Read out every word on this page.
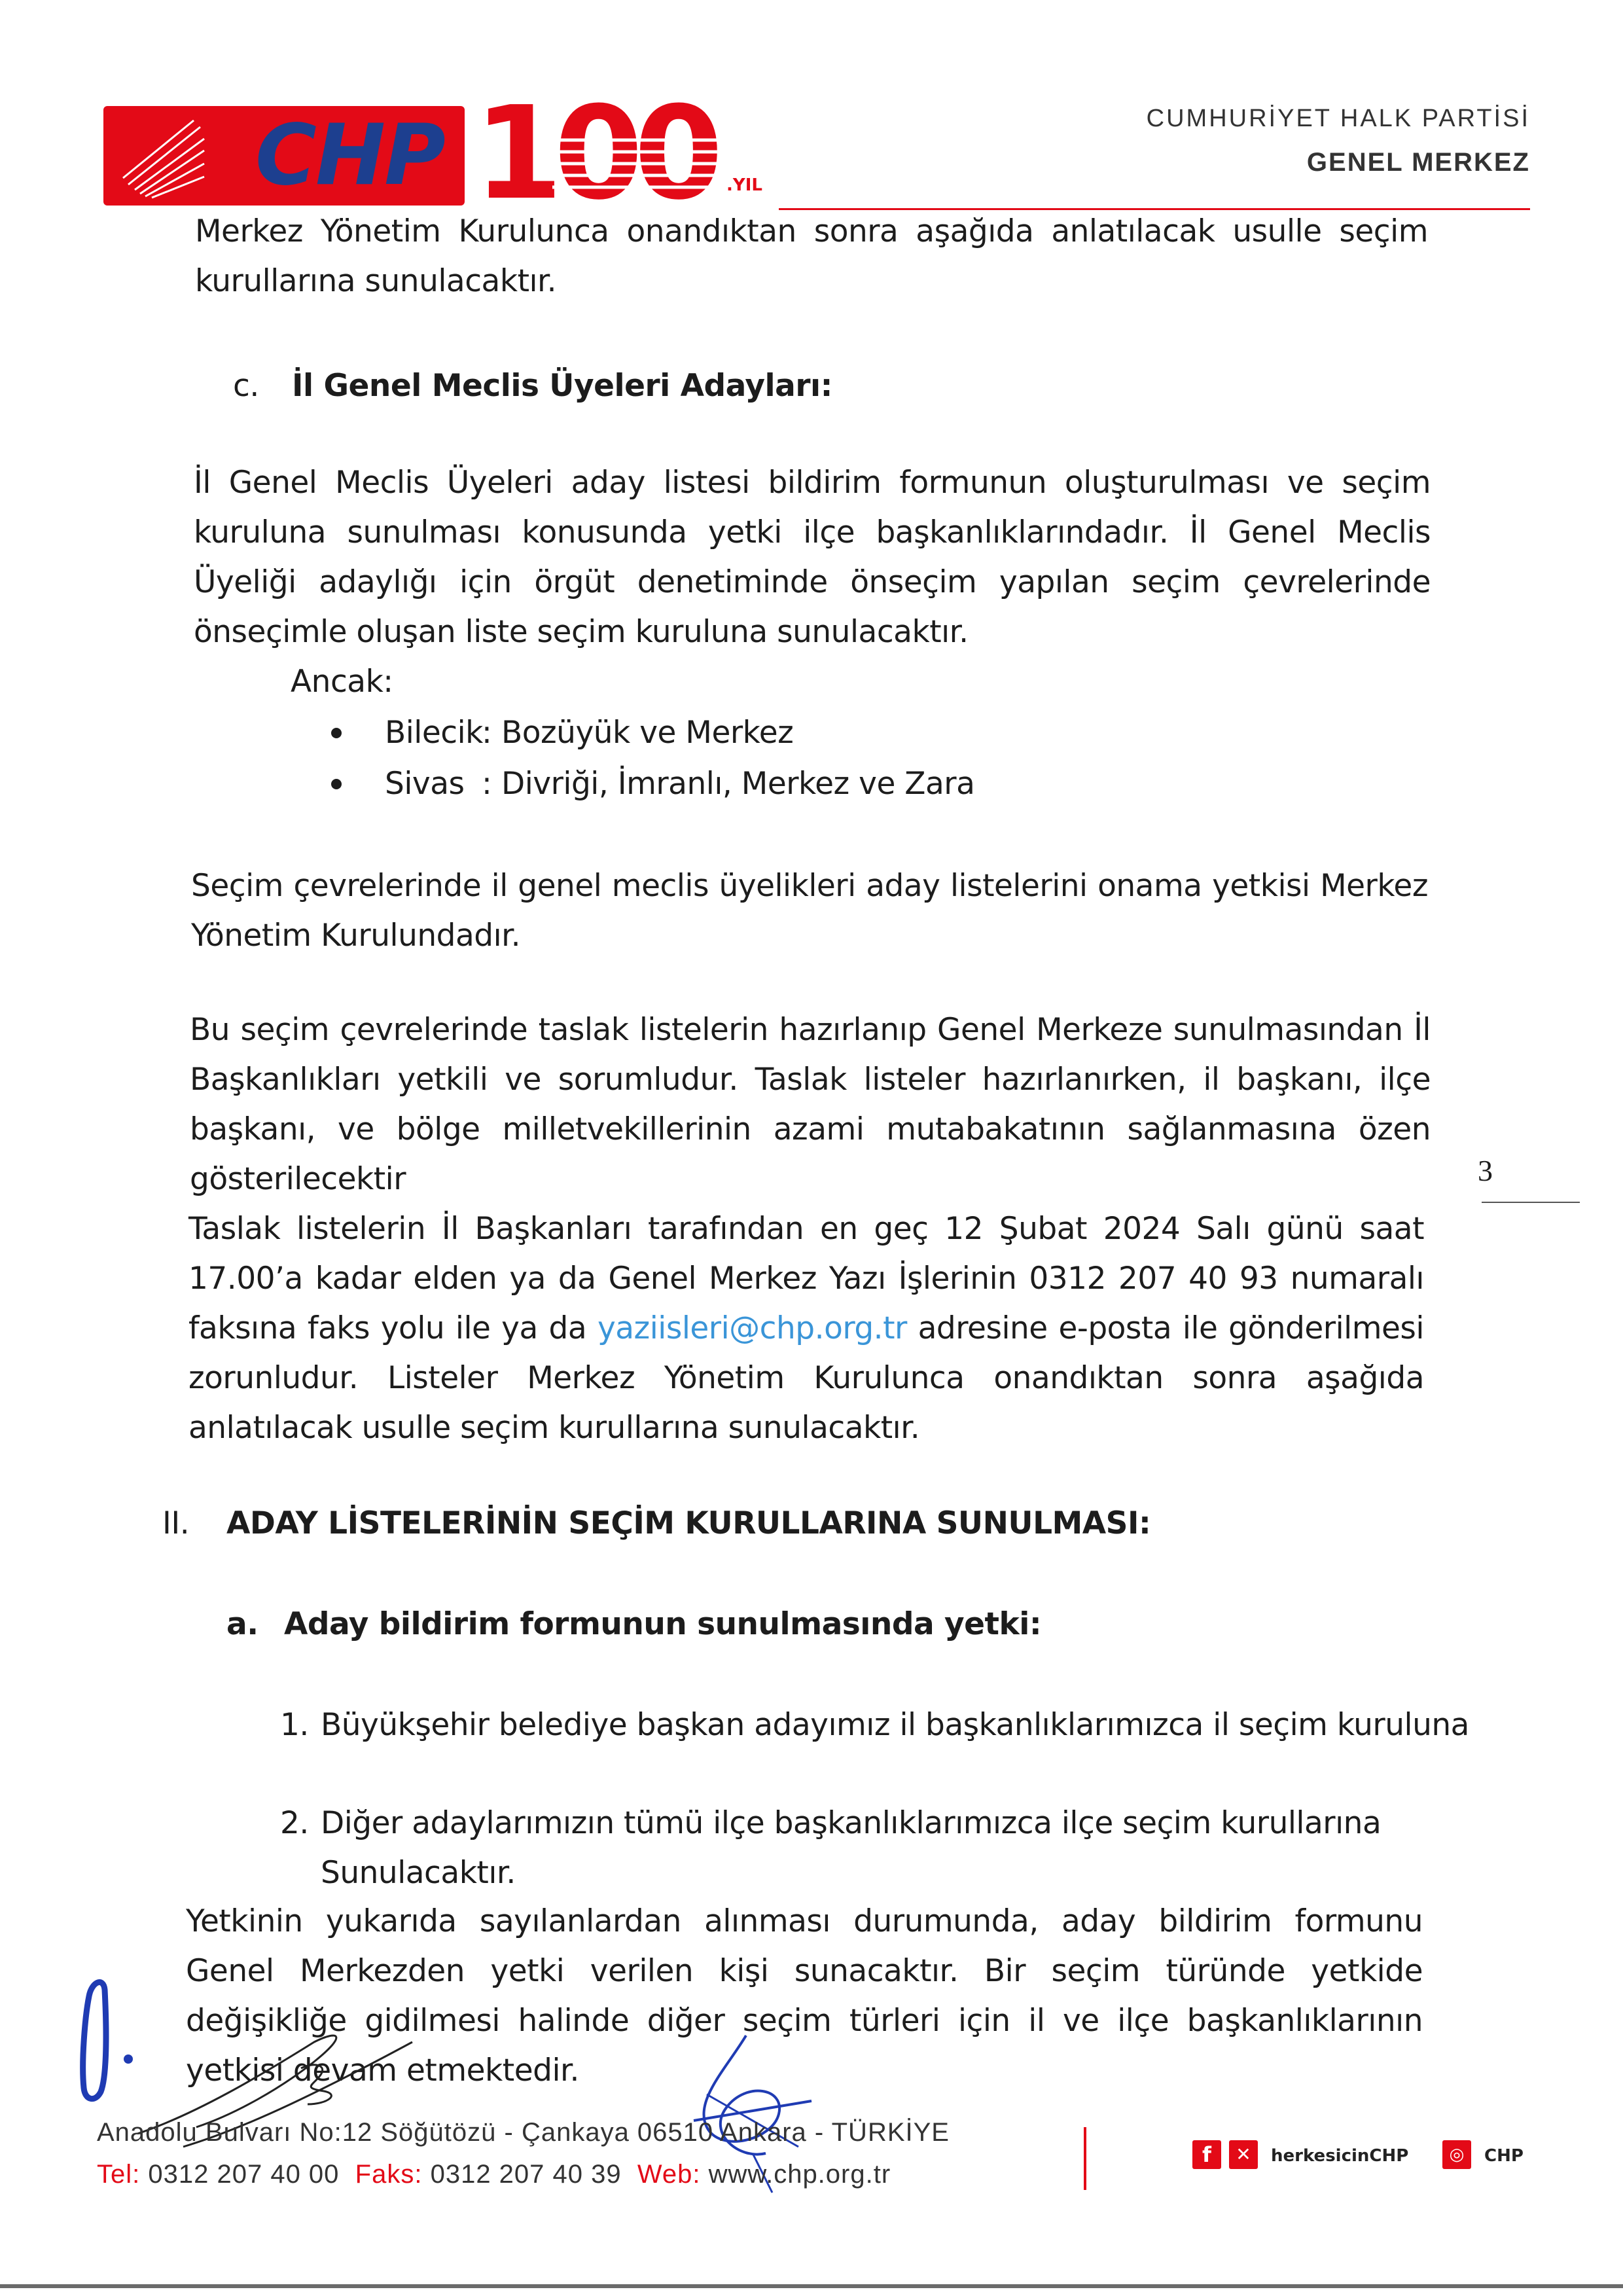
CHP 100 .YIL
CUMHURİYET HALK PARTİSİ
GENEL MERKEZ
Merkez Yönetim Kurulunca onandıktan sonra aşağıda anlatılacak usulle seçim kurullarına sunulacaktır.
c. İl Genel Meclis Üyeleri Adayları:
İl Genel Meclis Üyeleri aday listesi bildirim formunun oluşturulması ve seçim kuruluna sunulması konusunda yetki ilçe başkanlıklarındadır. İl Genel Meclis Üyeliği adaylığı için örgüt denetiminde önseçim yapılan seçim çevrelerinde önseçimle oluşan liste seçim kuruluna sunulacaktır.
Ancak:
Bilecik
: Bozüyük ve Merkez
Sivas : Divriği, İmranlı, Merkez ve Zara
Seçim çevrelerinde il genel meclis üyelikleri aday listelerini onama yetkisi Merkez Yönetim Kurulundadır.
Bu seçim çevrelerinde taslak listelerin hazırlanıp Genel Merkeze sunulmasından İl Başkanlıkları yetkili ve sorumludur. Taslak listeler hazırlanırken, il başkanı, ilçe başkanı, ve bölge milletvekillerinin azami mutabakatının sağlanmasına özen gösterilecektir	3
Taslak listelerin İl Başkanları tarafından en geç 12 Şubat 2024 Salı günü saat 17.00’a kadar elden ya da Genel Merkez Yazı İşlerinin 0312 207 40 93 numaralı faksına faks yolu ile ya da yaziisleri@chp.org.tr adresine e-posta ile gönderilmesi zorunludur. Listeler Merkez Yönetim Kurulunca onandıktan sonra aşağıda anlatılacak usulle seçim kurullarına sunulacaktır.
II. ADAY LİSTELERİNİN SEÇİM KURULLARINA SUNULMASI:
a. Aday bildirim formunun sunulmasında yetki:
1. Büyükşehir belediye başkan adayımız il başkanlıklarımızca il seçim kuruluna
2. Diğer adaylarımızın tümü ilçe başkanlıklarımızca ilçe seçim kurullarına
Sunulacaktır.
Yetkinin yukarıda sayılanlardan alınması durumunda, aday bildirim formunu Genel Merkezden yetki verilen kişi sunacaktır. Bir seçim türünde yetkide değişikliğe gidilmesi halinde diğer seçim türleri için il ve ilçe başkanlıklarının yetkisi devam etmektedir.
Anadolu Bulvarı No:12 Söğütözü - Çankaya 06510 Ankara - TÜRKİYE
Tel: 0312 207 40 00 Faks: 0312 207 40 39 Web: www.chp.org.tr
f	✕	herkesicinCHP	◎	CHP
